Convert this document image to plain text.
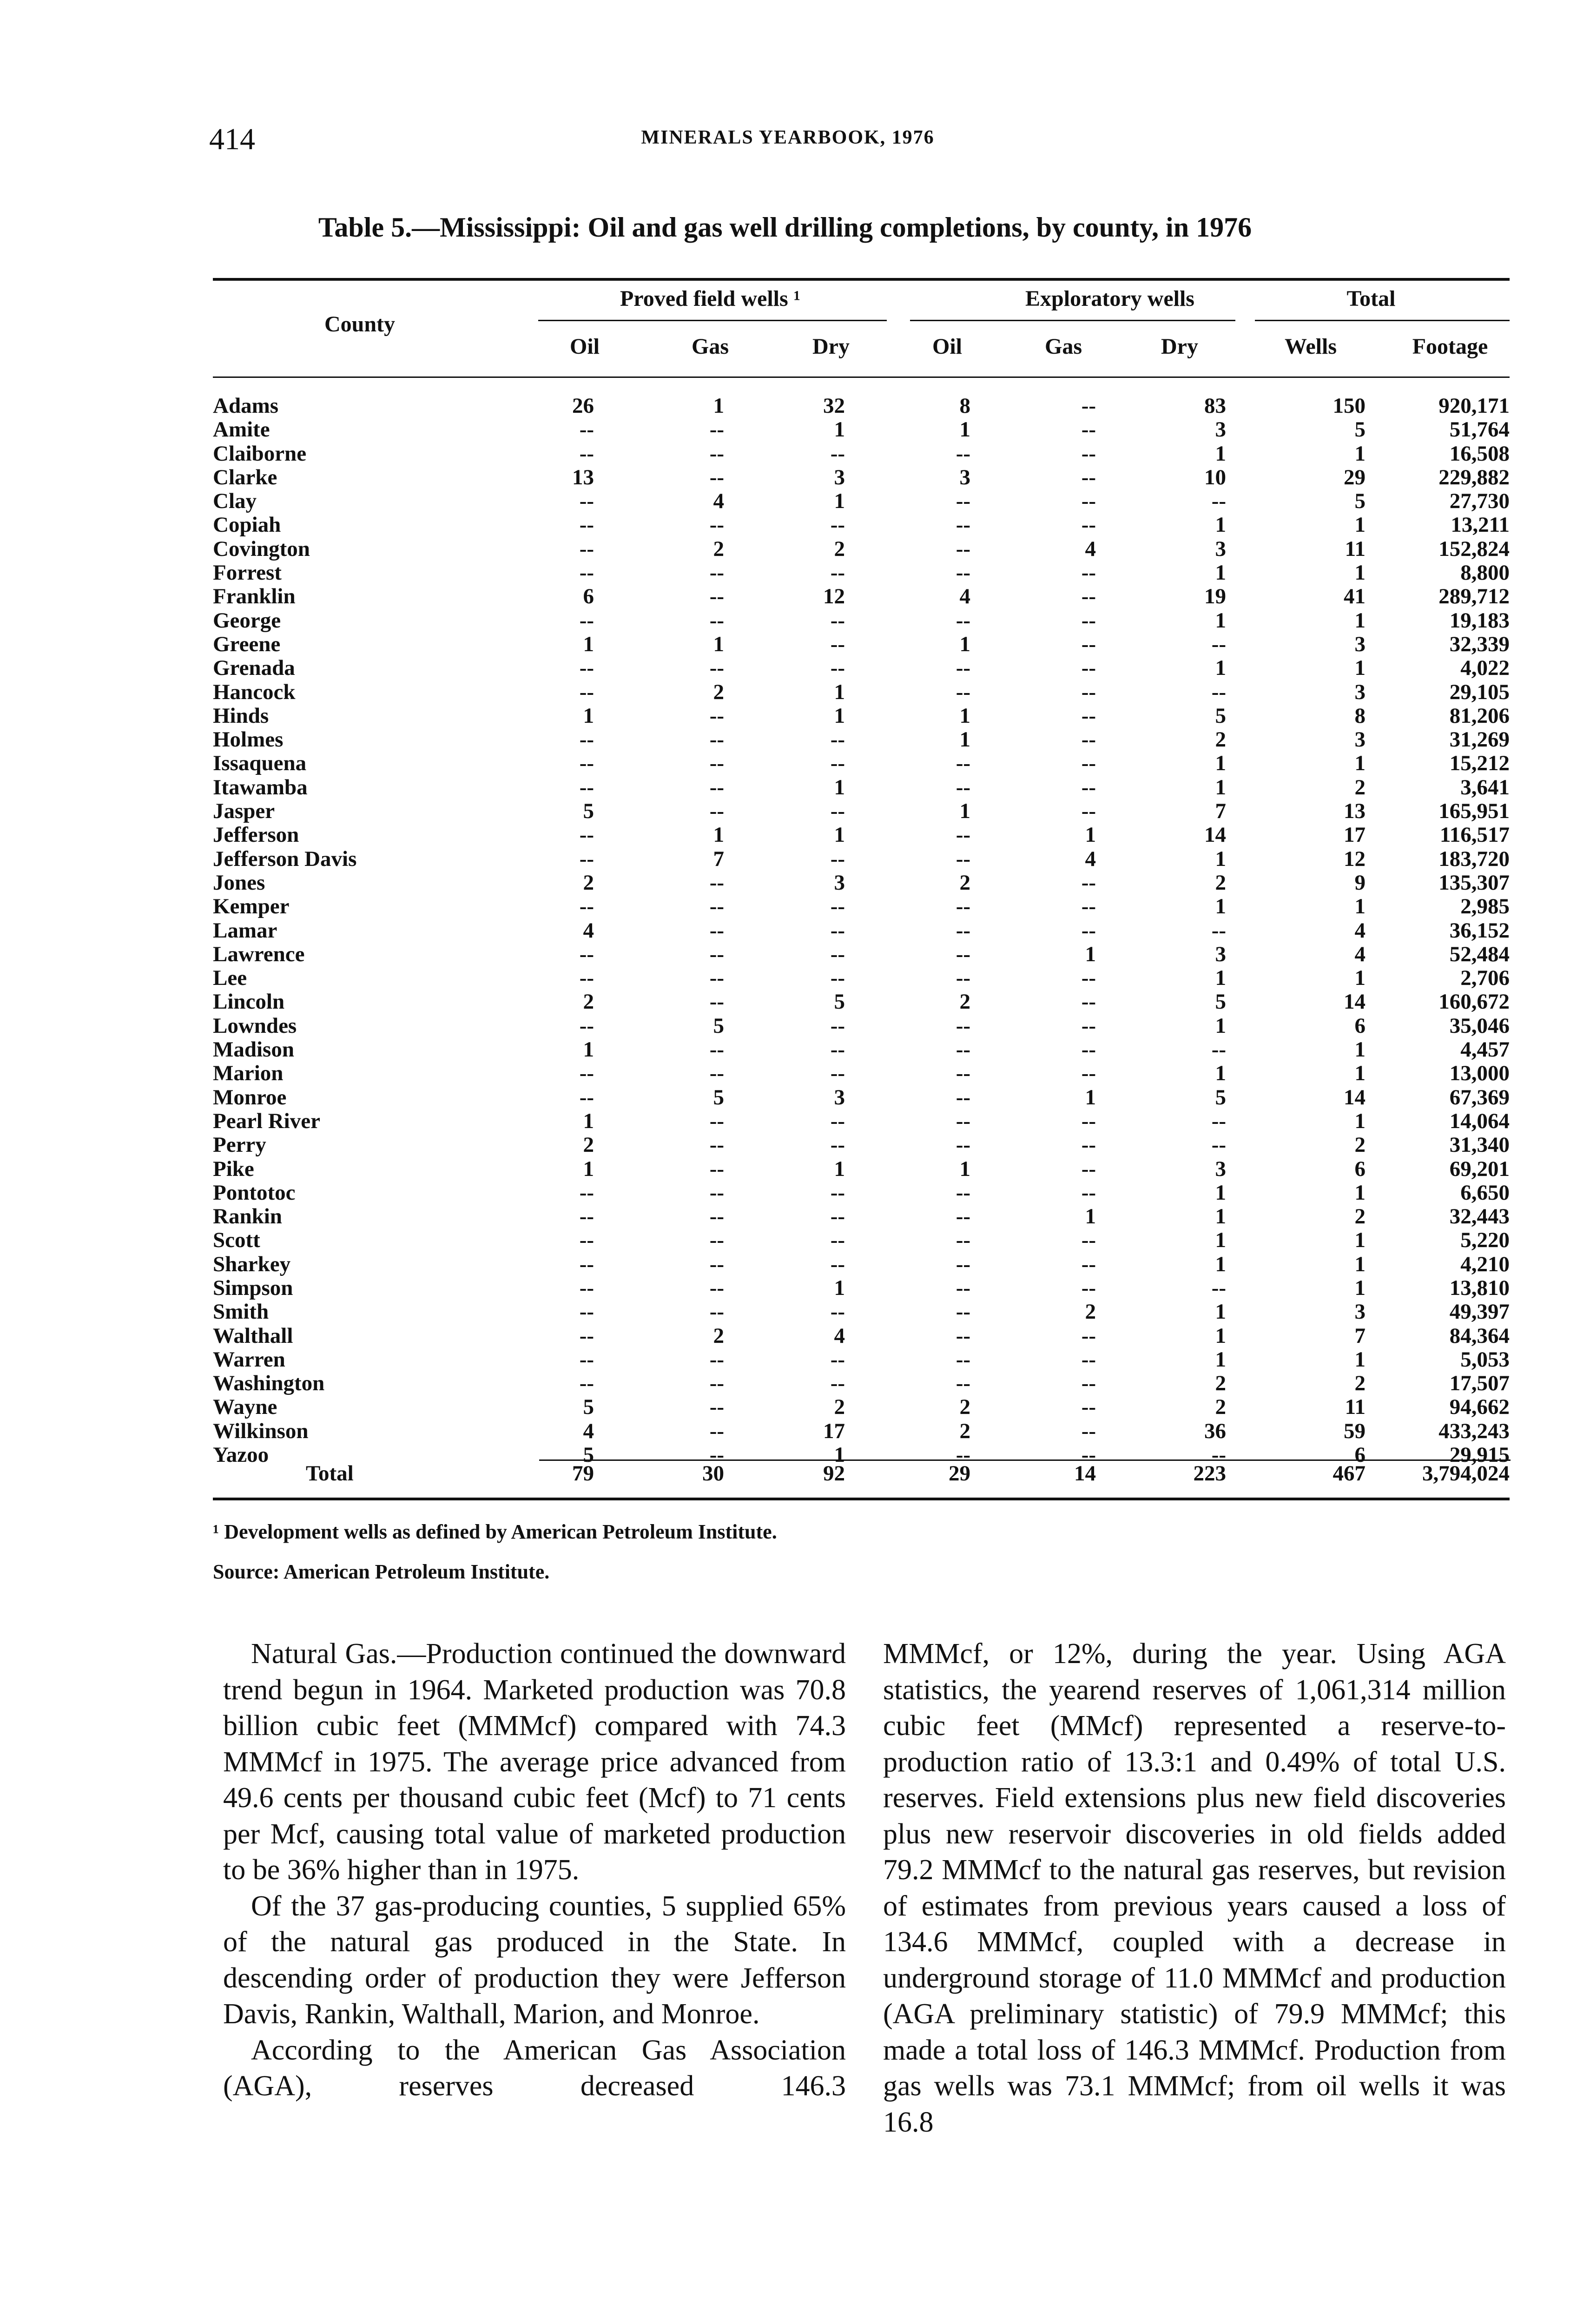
414	MINERALS YEARBOOK, 1976
Table 5.—Mississippi: Oil and gas well drilling completions, by county, in 1976
County
Proved field wells ¹	Exploratory wells	Total
Oil	Gas	Dry	Oil	Gas	Dry	Wells	Footage
Adams	26	1	32	8	--	83	150	920,171
Amite	--	--	1	1	--	3	5	51,764
Claiborne	--	--	--	--	--	1	1	16,508
Clarke	13	--	3	3	--	10	29	229,882
Clay	--	4	1	--	--	--	5	27,730
Copiah	--	--	--	--	--	1	1	13,211
Covington	--	2	2	--	4	3	11	152,824
Forrest	--	--	--	--	--	1	1	8,800
Franklin	6	--	12	4	--	19	41	289,712
George	--	--	--	--	--	1	1	19,183
Greene	1	1	--	1	--	--	3	32,339
Grenada	--	--	--	--	--	1	1	4,022
Hancock	--	2	1	--	--	--	3	29,105
Hinds	1	--	1	1	--	5	8	81,206
Holmes	--	--	--	1	--	2	3	31,269
Issaquena	--	--	--	--	--	1	1	15,212
Itawamba	--	--	1	--	--	1	2	3,641
Jasper	5	--	--	1	--	7	13	165,951
Jefferson	--	1	1	--	1	14	17	116,517
Jefferson Davis	--	7	--	--	4	1	12	183,720
Jones	2	--	3	2	--	2	9	135,307
Kemper	--	--	--	--	--	1	1	2,985
Lamar	4	--	--	--	--	--	4	36,152
Lawrence	--	--	--	--	1	3	4	52,484
Lee	--	--	--	--	--	1	1	2,706
Lincoln	2	--	5	2	--	5	14	160,672
Lowndes	--	5	--	--	--	1	6	35,046
Madison	1	--	--	--	--	--	1	4,457
Marion	--	--	--	--	--	1	1	13,000
Monroe	--	5	3	--	1	5	14	67,369
Pearl River	1	--	--	--	--	--	1	14,064
Perry	2	--	--	--	--	--	2	31,340
Pike	1	--	1	1	--	3	6	69,201
Pontotoc	--	--	--	--	--	1	1	6,650
Rankin	--	--	--	--	1	1	2	32,443
Scott	--	--	--	--	--	1	1	5,220
Sharkey	--	--	--	--	--	1	1	4,210
Simpson	--	--	1	--	--	--	1	13,810
Smith	--	--	--	--	2	1	3	49,397
Walthall	--	2	4	--	--	1	7	84,364
Warren	--	--	--	--	--	1	1	5,053
Washington	--	--	--	--	--	2	2	17,507
Wayne	5	--	2	2	--	2	11	94,662
Wilkinson	4	--	17	2	--	36	59	433,243
Yazoo	5	--	1	--	--	--	6	29,915
Total	79	30	92	29	14	223	467	3,794,024
¹ Development wells as defined by American Petroleum Institute.
Source: American Petroleum Institute.

Natural Gas.—Production continued the downward trend begun in 1964. Marketed production was 70.8 billion cubic feet (MMMcf) compared with 74.3 MMMcf in 1975. The average price advanced from 49.6 cents per thousand cubic feet (Mcf) to 71 cents per Mcf, causing total value of marketed production to be 36% higher than in 1975.

Of the 37 gas-producing counties, 5 supplied 65% of the natural gas produced in the State. In descending order of production they were Jefferson Davis, Rankin, Walthall, Marion, and Monroe.

According to the American Gas Association (AGA), reserves decreased 146.3

MMMcf, or 12%, during the year. Using AGA statistics, the yearend reserves of 1,061,314 million cubic feet (MMcf) represented a reserve-to-production ratio of 13.3:1 and 0.49% of total U.S. reserves. Field extensions plus new field discoveries plus new reservoir discoveries in old fields added 79.2 MMMcf to the natural gas reserves, but revision of estimates from previous years caused a loss of 134.6 MMMcf, coupled with a decrease in underground storage of 11.0 MMMcf and production (AGA preliminary statistic) of 79.9 MMMcf; this made a total loss of 146.3 MMMcf. Production from gas wells was 73.1 MMMcf; from oil wells it was 16.8
